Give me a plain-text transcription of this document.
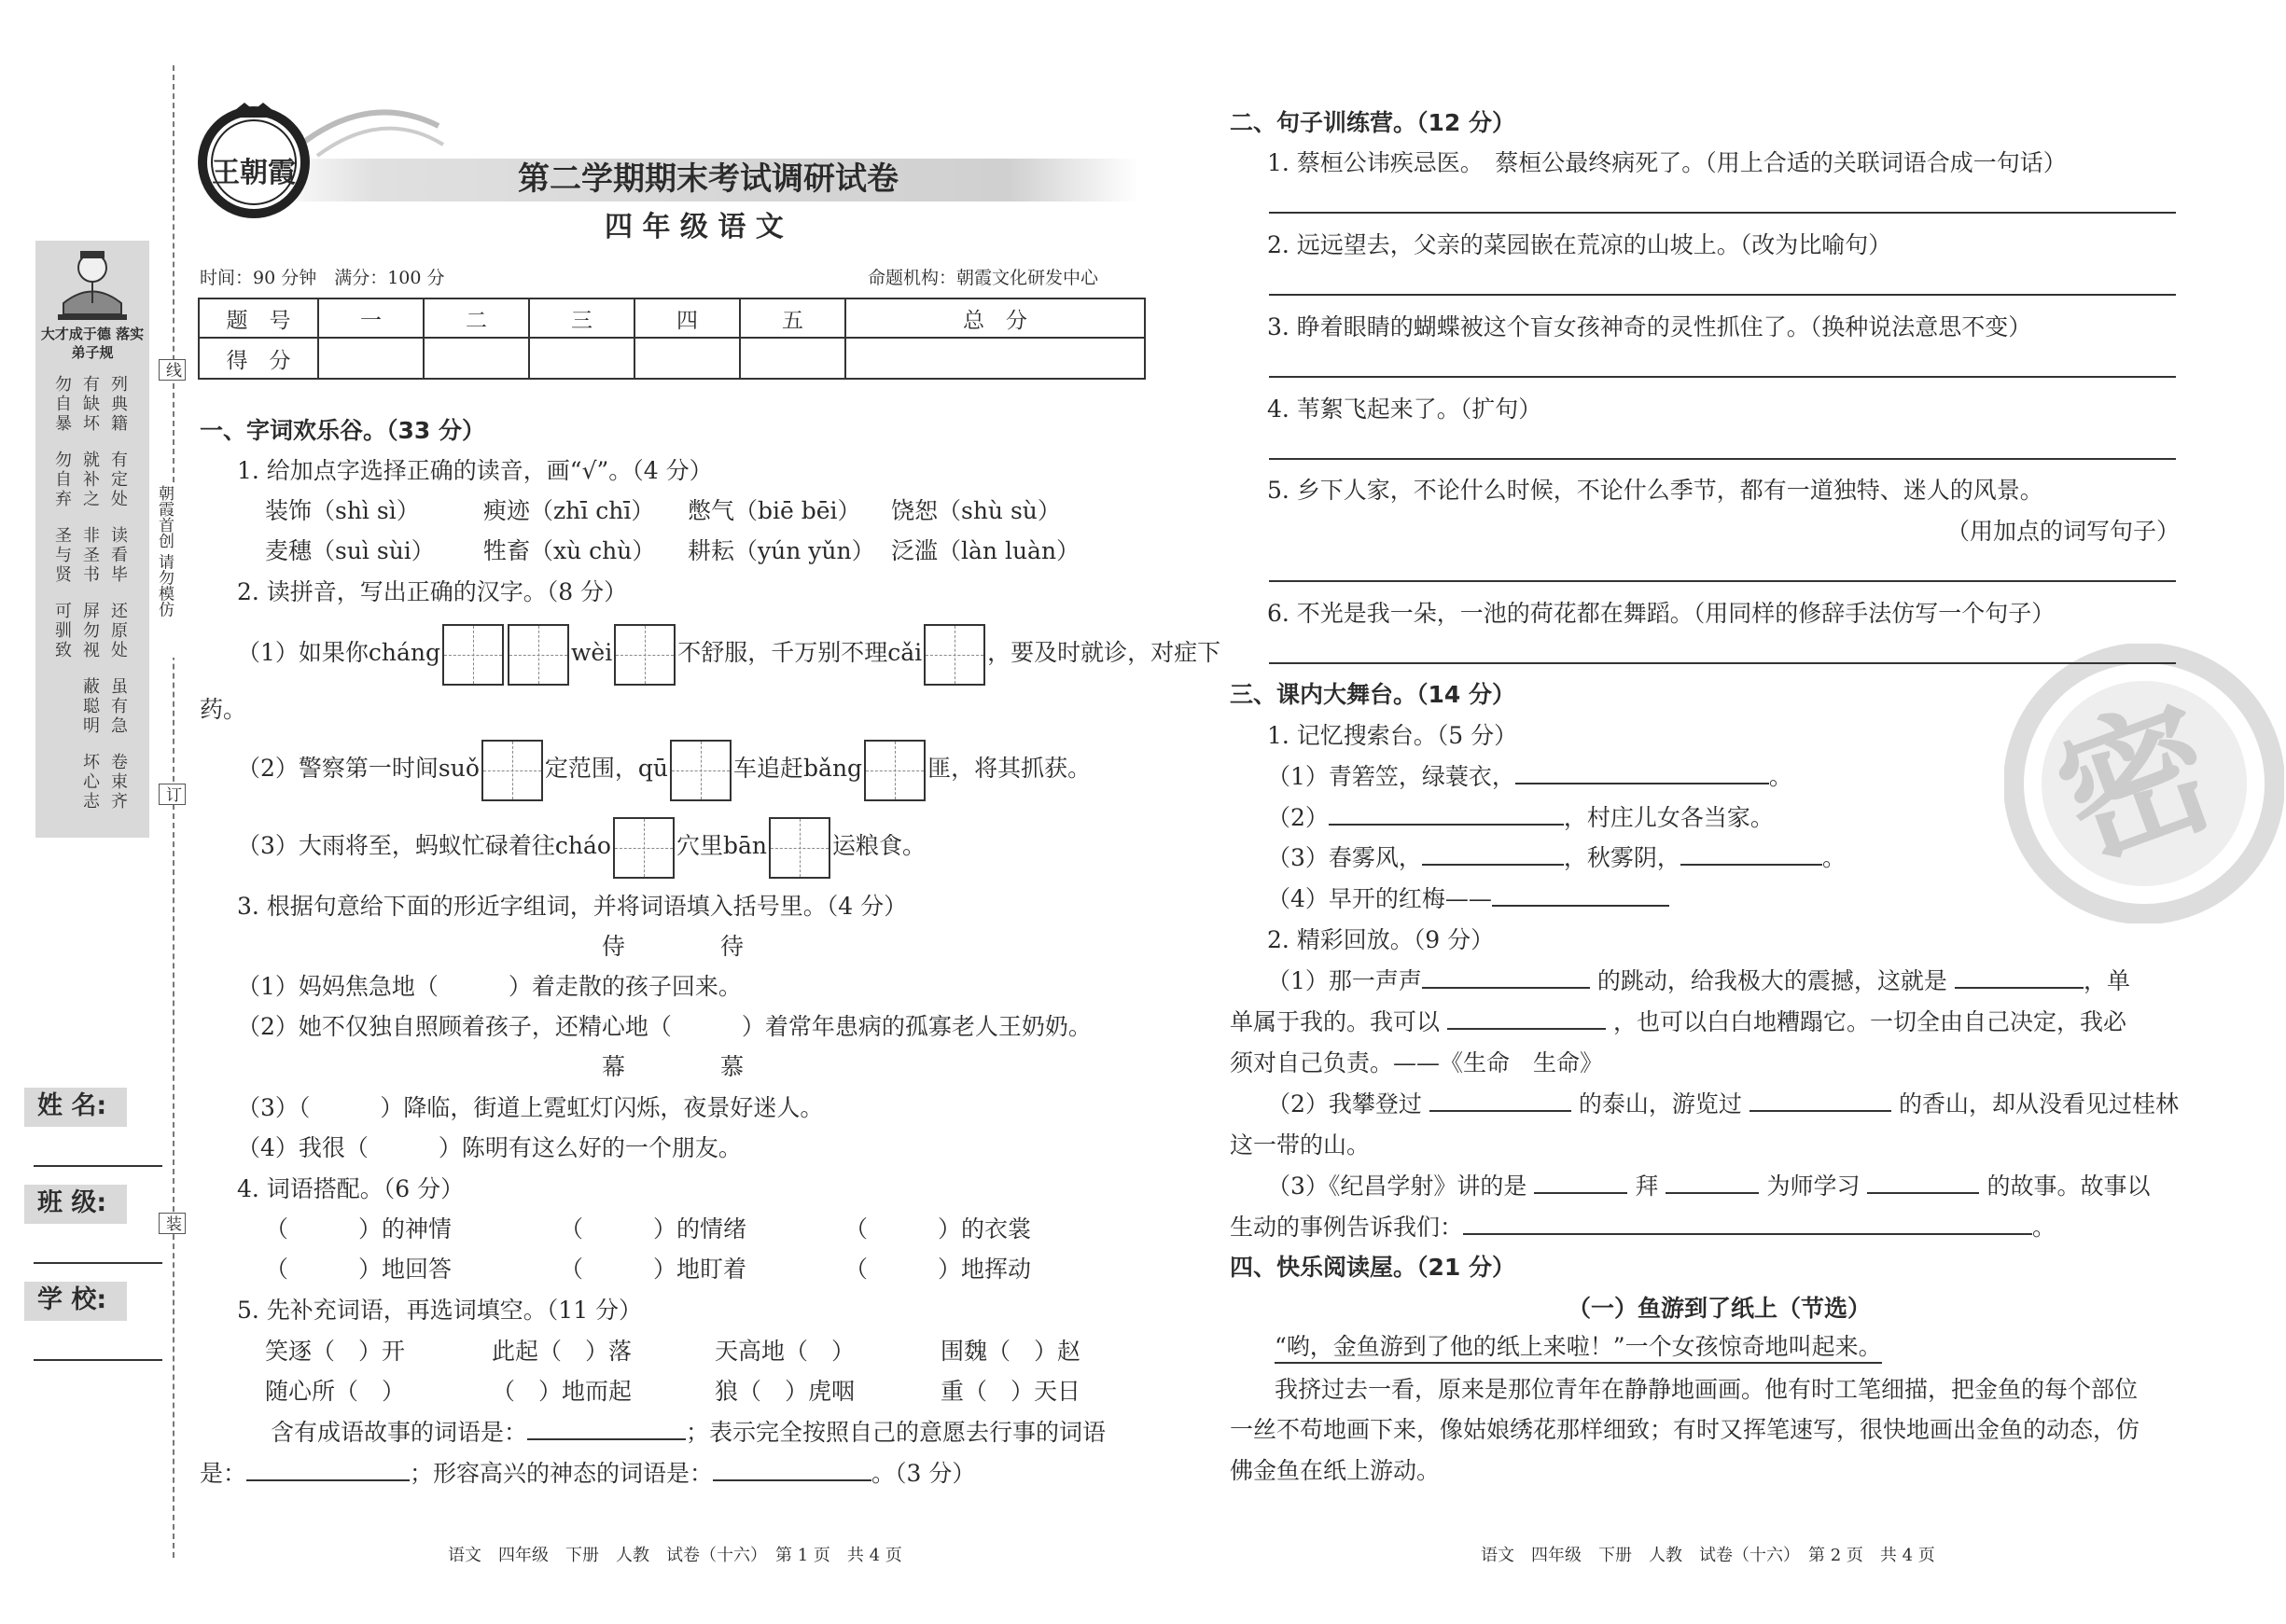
大才成于德 落实弟子规
列典籍
有缺坏
勿自暴
有定处
就补之
勿自弃
读看毕
非圣书
圣与贤
还原处
屏勿视
可驯致
虽有急
蔽聪明
卷束齐
坏心志
线
朝霞首创 请勿模仿
订
装
姓 名:
班 级:
学 校:
王朝霞	第二学期期末考试调研试卷
四 年 级 语 文
时间：90 分钟　满分：100 分	命题机构：朝霞文化研发中心
题　号	一	二	三	四	五	总　分
得　分						
一、字词欢乐谷。（33 分）
1. 给加点字选择正确的读音，画“√”。（4 分）
装饰（shì sì）	瘐迹（zhī chī） 憋气（biē bēi） 饶恕（shù sù）
麦穗（suì sùi） 牲畜（xù chù） 耕耘（yún yǔn） 泛滥（làn luàn）
2. 读拼音，写出正确的汉字。（8 分）
（1）如果你cháng	wèi	不舒服，千万别不理cǎi	，要及时就诊，对症下
药。
（2）警察第一时间suǒ	定范围，qū	车追赶bǎng	匪，将其抓获。
（3）大雨将至，蚂蚁忙碌着往cháo	穴里bān	运粮食。
3. 根据句意给下面的形近字组词，并将词语填入括号里。（4 分）
侍	待
（1）妈妈焦急地（　　　）着走散的孩子回来。
（2）她不仅独自照顾着孩子，还精心地（　　　）着常年患病的孤寡老人王奶奶。
幕	慕
（3）（　　　）降临，街道上霓虹灯闪烁，夜景好迷人。
（4）我很（　　　）陈明有这么好的一个朋友。
4. 词语搭配。（6 分）
（　　　）的神情	（　　　）的情绪	（　　　）的衣裳
（　　　）地回答	（　　　）地盯着	（　　　）地挥动
5. 先补充词语，再选词填空。（11 分）
笑逐（　）开	此起（　）落	天高地（　）	围魏（　）赵
随心所（　）	（　）地而起	狼（　）虎咽	重（　）天日
含有成语故事的词语是：	；表示完全按照自己的意愿去行事的词语
是：	；形容高兴的神态的词语是：	。（3 分）
语文　四年级　下册　人教　试卷（十六）　第 1 页　共 4 页
密
二、句子训练营。（12 分）
1. 蔡桓公讳疾忌医。　蔡桓公最终病死了。（用上合适的关联词语合成一句话）
2. 远远望去，父亲的菜园嵌在荒凉的山坡上。（改为比喻句）
3. 睁着眼睛的蝴蝶被这个盲女孩神奇的灵性抓住了。（换种说法意思不变）
4. 苇絮飞起来了。（扩句）
5. 乡下人家，不论什么时候，不论什么季节，都有一道独特、迷人的风景。
（用加点的词写句子）
6. 不光是我一朵，一池的荷花都在舞蹈。（用同样的修辞手法仿写一个句子）
三、课内大舞台。（14 分）
1. 记忆搜索台。（5 分）
（1）青箬笠，绿蓑衣，	。
（2）	，村庄儿女各当家。
（3）春雾风，	，秋雾阴，	。
（4）早开的红梅——
2. 精彩回放。（9 分）
（1）那一声声	的跳动，给我极大的震撼，这就是	，单
单属于我的。我可以	，也可以白白地糟蹋它。一切全由自己决定，我必
须对自己负责。——《生命　生命》
（2）我攀登过	的泰山，游览过	的香山，却从没看见过桂林
这一带的山。
（3）《纪昌学射》讲的是	拜	为师学习	的故事。故事以
生动的事例告诉我们：	。
四、快乐阅读屋。（21 分）
（一）鱼游到了纸上（节选）
“哟，金鱼游到了他的纸上来啦！”一个女孩惊奇地叫起来。
我挤过去一看，原来是那位青年在静静地画画。他有时工笔细描，把金鱼的每个部位
一丝不苟地画下来，像姑娘绣花那样细致；有时又挥笔速写，很快地画出金鱼的动态，仿
佛金鱼在纸上游动。
语文　四年级　下册　人教　试卷（十六）　第 2 页　共 4 页
